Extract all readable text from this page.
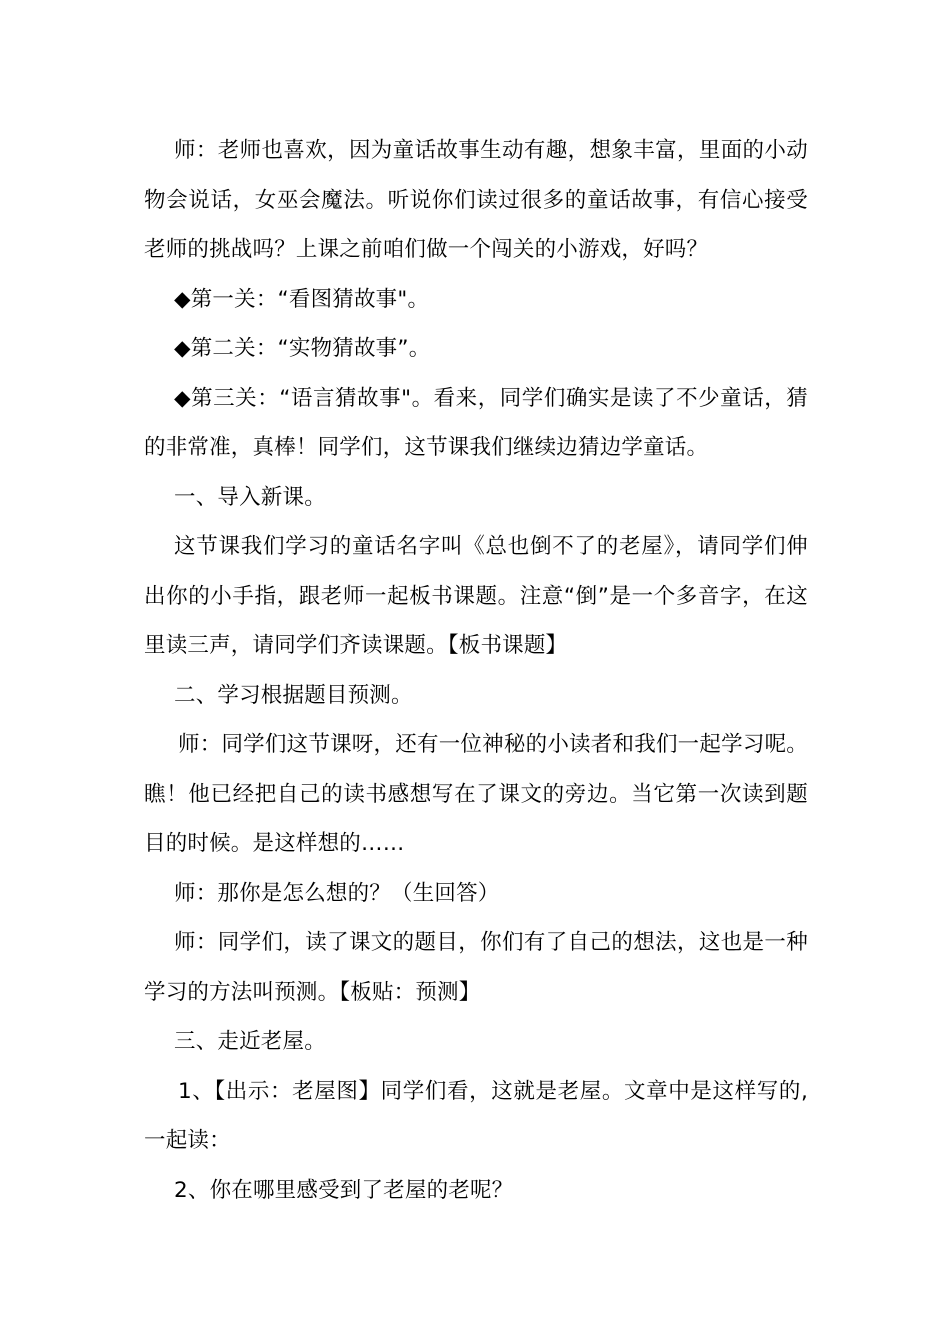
师：老师也喜欢，因为童话故事生动有趣，想象丰富，里面的小动物会说话，女巫会魔法。听说你们读过很多的童话故事，有信心接受老师的挑战吗？上课之前咱们做一个闯关的小游戏，好吗？

◆第一关：“看图猜故事"。

◆第二关：“实物猜故事”。

◆第三关：“语言猜故事"。看来，同学们确实是读了不少童话，猜的非常准，真棒！同学们，这节课我们继续边猜边学童话。

一、导入新课。

这节课我们学习的童话名字叫《总也倒不了的老屋》，请同学们伸出你的小手指，跟老师一起板书课题。注意“倒”是一个多音字，在这里读三声，请同学们齐读课题。【板书课题】

二、学习根据题目预测。

师：同学们这节课呀，还有一位神秘的小读者和我们一起学习呢。瞧！他已经把自己的读书感想写在了课文的旁边。当它第一次读到题目的时候。是这样想的……

师：那你是怎么想的？（生回答）

师：同学们，读了课文的题目，你们有了自己的想法，这也是一种学习的方法叫预测。【板贴：预测】

三、走近老屋。

1、【出示：老屋图】同学们看，这就是老屋。文章中是这样写的,一起读：

2、你在哪里感受到了老屋的老呢？
